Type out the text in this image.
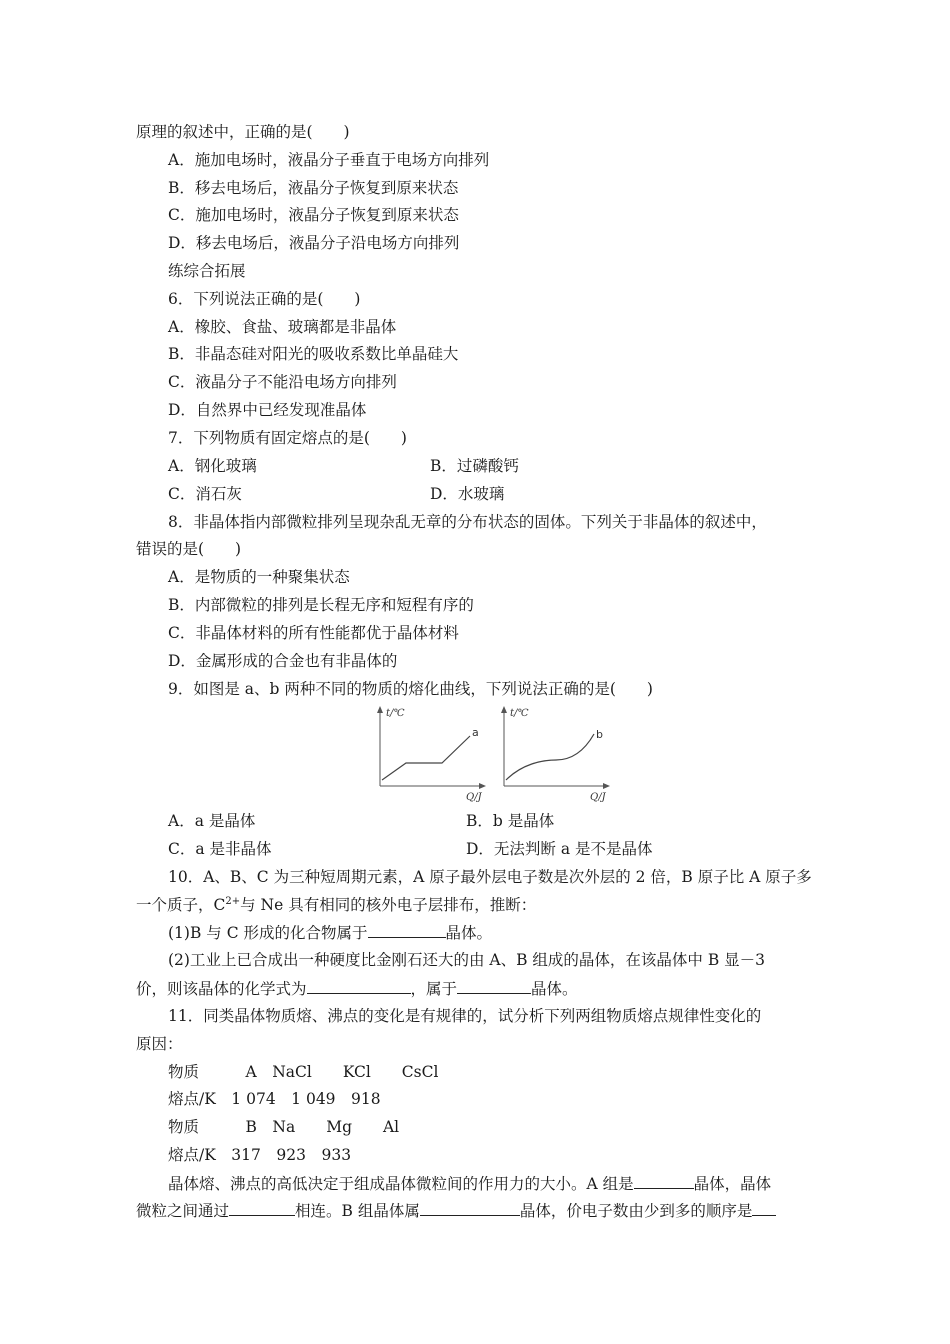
原理的叙述中，正确的是(　　)
A．施加电场时，液晶分子垂直于电场方向排列
B．移去电场后，液晶分子恢复到原来状态
C．施加电场时，液晶分子恢复到原来状态
D．移去电场后，液晶分子沿电场方向排列
练综合拓展
6．下列说法正确的是(　　)
A．橡胶、食盐、玻璃都是非晶体
B．非晶态硅对阳光的吸收系数比单晶硅大
C．液晶分子不能沿电场方向排列
D．自然界中已经发现准晶体
7．下列物质有固定熔点的是(　　)
A．钢化玻璃	B．过磷酸钙
C．消石灰	D．水玻璃
8．非晶体指内部微粒排列呈现杂乱无章的分布状态的固体。下列关于非晶体的叙述中，
错误的是(　　)
A．是物质的一种聚集状态
B．内部微粒的排列是长程无序和短程有序的
C．非晶体材料的所有性能都优于晶体材料
D．金属形成的合金也有非晶体的
9．如图是 a、b 两种不同的物质的熔化曲线，下列说法正确的是(　　)
t/℃
Q/J
a
t/℃
Q/J
b
A．a 是晶体	B．b 是晶体
C．a 是非晶体	D．无法判断 a 是不是晶体
10．A、B、C 为三种短周期元素，A 原子最外层电子数是次外层的 2 倍，B 原子比 A 原子多
一个质子，$C^{2+}$与 Ne 具有相同的核外电子层排布，推断：
(1)B 与 C 形成的化合物属于	晶体。
(2)工业上已合成出一种硬度比金刚石还大的由 A、B 组成的晶体，在该晶体中 B 显－3
价，则该晶体的化学式为	，属于	晶体。
11．同类晶体物质熔、沸点的变化是有规律的，试分析下列两组物质熔点规律性变化的
原因：
物质　　　A　NaCl　　KCl　　CsCl
熔点/K　1 074　1 049　918
物质　　　B　Na　　Mg　　Al
熔点/K　317　923　933
晶体熔、沸点的高低决定于组成晶体微粒间的作用力的大小。A 组是	晶体，晶体
微粒之间通过	相连。B 组晶体属	晶体，价电子数由少到多的顺序是
